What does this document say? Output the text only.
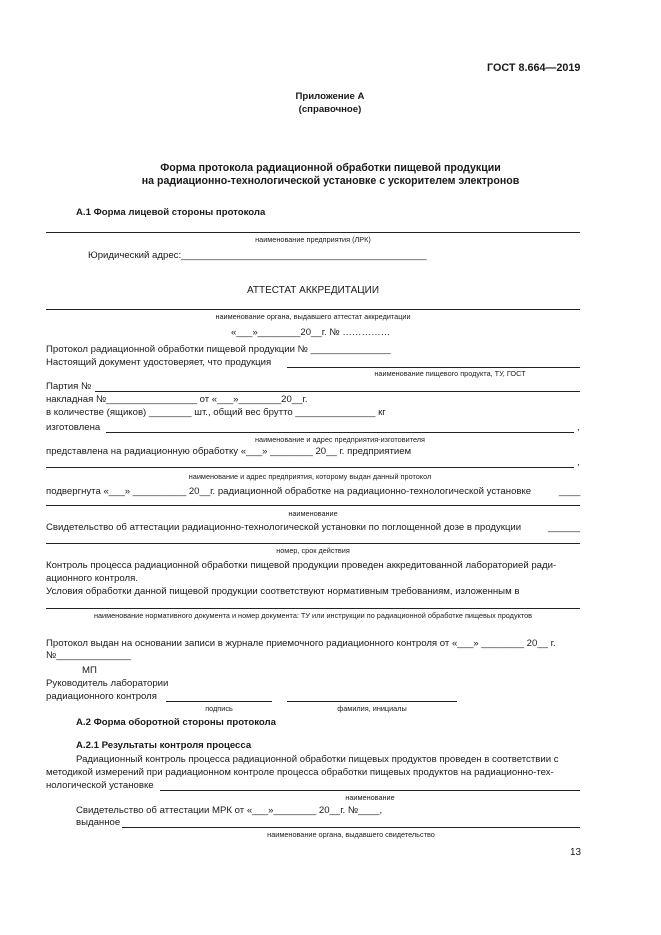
ГОСТ 8.664—2019
Приложение А
(справочное)
Форма протокола радиационной обработки пищевой продукции
на радиационно-технологической установке с ускорителем электронов
А.1 Форма лицевой стороны протокола
наименование предприятия (ЛРК)
Юридический адрес:______________________________________________
АТТЕСТАТ АККРЕДИТАЦИИ
наименование органа, выдавшего аттестат аккредитации
«___»________20__г. № ……………
Протокол радиационной обработки пищевой продукции № _______________
Настоящий документ удостоверяет, что продукция
наименование пищевого продукта, ТУ, ГОСТ
Партия №
накладная №_________________ от «___»________20__г.
в количестве (ящиков) ________ шт., общий вес брутто _______________ кг
изготовлена	,
наименование и адрес предприятия-изготовителя
представлена на радиационную обработку «___» ________ 20__ г. предприятием
,
наименование и адрес предприятия, которому выдан данный протокол
подвергнута «___» __________ 20__г. радиационной обработке на радиационно-технологической установке	____
наименование
Свидетельство об аттестации радиационно-технологической установки по поглощенной дозе в продукции	______
номер, срок действия
Контроль процесса радиационной обработки пищевой продукции проведен аккредитованной лабораторией ради-
ационного контроля.
Условия обработки данной пищевой продукции соответствуют нормативным требованиям, изложенным в
наименование нормативного документа и номер документа: ТУ или инструкции по радиационной обработке пищевых продуктов
Протокол выдан на основании записи в журнале приемочного радиационного контроля от «___» ________ 20__ г.
№______________
МП
Руководитель лаборатории
радиационного контроля
подпись	фамилия, инициалы
А.2 Форма оборотной стороны протокола
А.2.1 Результаты контроля процесса
Радиационный контроль процесса радиационной обработки пищевых продуктов проведен в соответствии с
методикой измерений при радиационном контроле процесса обработки пищевых продуктов на радиационно-тех-
нологической установке
наименование
Свидетельство об аттестации МРК от «___»________ 20__г. №____,
выданное
наименование органа, выдавшего свидетельство
13
